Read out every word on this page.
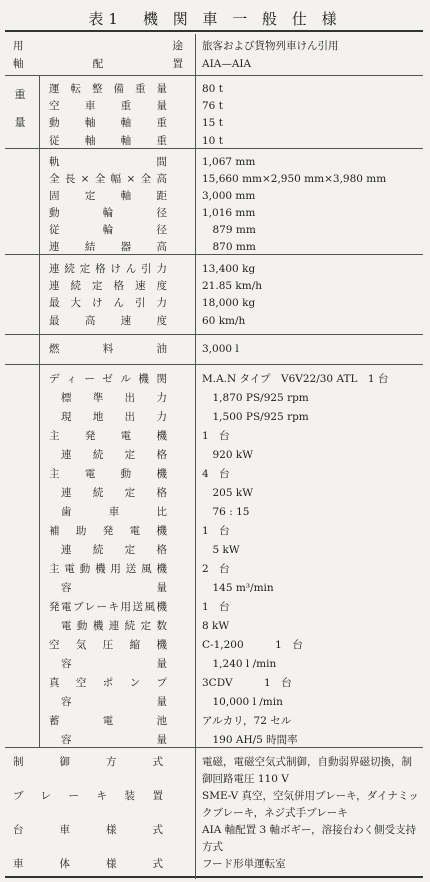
表1　機 関 車 一 般 仕 様
用　　　途 旅客および貨物列車けん引用
軸　配　置 AIA—AIA
重

量
運転整備重量	80 t
空車重量	76 t
動軸軸重	15 t
従軸軸重	10 t
軌　　　間	1,067 mm
全長×全幅×全高	15,660 mm×2,950 mm×3,980 mm
固定軸距	3,000 mm
動輪径	1,016 mm
従輪径	　879 mm
連結器高	　870 mm
連続定格けん引力	13,400 kg
連続定格速度	21.85 km/h
最大けん引力	18,000 kg
最高速度	60 km/h
燃　料　油	3,000 l
ディーゼル機関	M.A.N タイプ　V6V22/30 ATL　1 台
標準出力	　1,870 PS/925 rpm
現地出力	　1,500 PS/925 rpm
主発電機	1　台
連続定格	　920 kW
主電動機	4　台
連続定格	　205 kW
歯車比	　76 : 15
補助発電機	1　台
連続定格	　5 kW
主電動機用送風機	2　台
容　　　量	　145 m³/min
発電ブレーキ用送風機	1　台
電動機連続定数	8 kW
空気圧縮機	C-1,200　　　1　台
容　　　量	　1,240 l /min
真空ポンプ	3CDV　　　1　台
容　　　量	　10,000 l /min
蓄　電　池	アルカリ，72 セル
容　　　量	　190 AH/5 時間率
制御方式	電磁，電磁空気式制御，自動弱界磁切換，制御回路電圧 110 V
ブレーキ装置	SME-V 真空，空気併用ブレーキ，ダイナミックブレーキ，ネジ式手ブレーキ
台車様式	AIA 軸配置 3 軸ボギー，溶接台わく側受支持方式
車体様式	フード形単運転室
